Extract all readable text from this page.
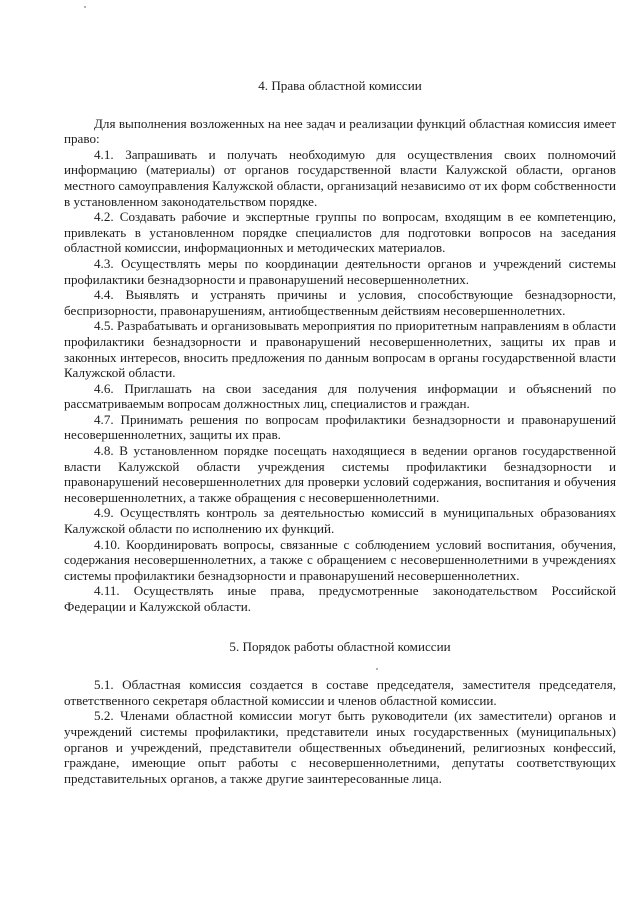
4. Права областной комиссии

Для выполнения возложенных на нее задач и реализации функций областная комиссия имеет право:

4.1. Запрашивать и получать необходимую для осуществления своих полномочий информацию (материалы) от органов государственной власти Калужской области, органов местного самоуправления Калужской области, организаций независимо от их форм собственности в установленном законодательством порядке.

4.2. Создавать рабочие и экспертные группы по вопросам, входящим в ее компетенцию, привлекать в установленном порядке специалистов для подготовки вопросов на заседания областной комиссии, информационных и методических материалов.

4.3. Осуществлять меры по координации деятельности органов и учреждений системы профилактики безнадзорности и правонарушений несовершеннолетних.

4.4. Выявлять и устранять причины и условия, способствующие безнадзорности, беспризорности, правонарушениям, антиобщественным действиям несовершеннолетних.

4.5. Разрабатывать и организовывать мероприятия по приоритетным направлениям в области профилактики безнадзорности и правонарушений несовершеннолетних, защиты их прав и законных интересов, вносить предложения по данным вопросам в органы государственной власти Калужской области.

4.6. Приглашать на свои заседания для получения информации и объяснений по рассматриваемым вопросам должностных лиц, специалистов и граждан.

4.7. Принимать решения по вопросам профилактики безнадзорности и правонарушений несовершеннолетних, защиты их прав.

4.8. В установленном порядке посещать находящиеся в ведении органов государственной власти Калужской области учреждения системы профилактики безнадзорности и правонарушений несовершеннолетних для проверки условий содержания, воспитания и обучения несовершеннолетних, а также обращения с несовершеннолетними.

4.9. Осуществлять контроль за деятельностью комиссий в муниципальных образованиях Калужской области по исполнению их функций.

4.10. Координировать вопросы, связанные с соблюдением условий воспитания, обучения, содержания несовершеннолетних, а также с обращением с несовершеннолетними в учреждениях системы профилактики безнадзорности и правонарушений несовершеннолетних.

4.11. Осуществлять иные права, предусмотренные законодательством Российской Федерации и Калужской области.

5. Порядок работы областной комиссии

5.1. Областная комиссия создается в составе председателя, заместителя председателя, ответственного секретаря областной комиссии и членов областной комиссии.

5.2. Членами областной комиссии могут быть руководители (их заместители) органов и учреждений системы профилактики, представители иных государственных (муниципальных) органов и учреждений, представители общественных объединений, религиозных конфессий, граждане, имеющие опыт работы с несовершеннолетними, депутаты соответствующих представительных органов, а также другие заинтересованные лица.
